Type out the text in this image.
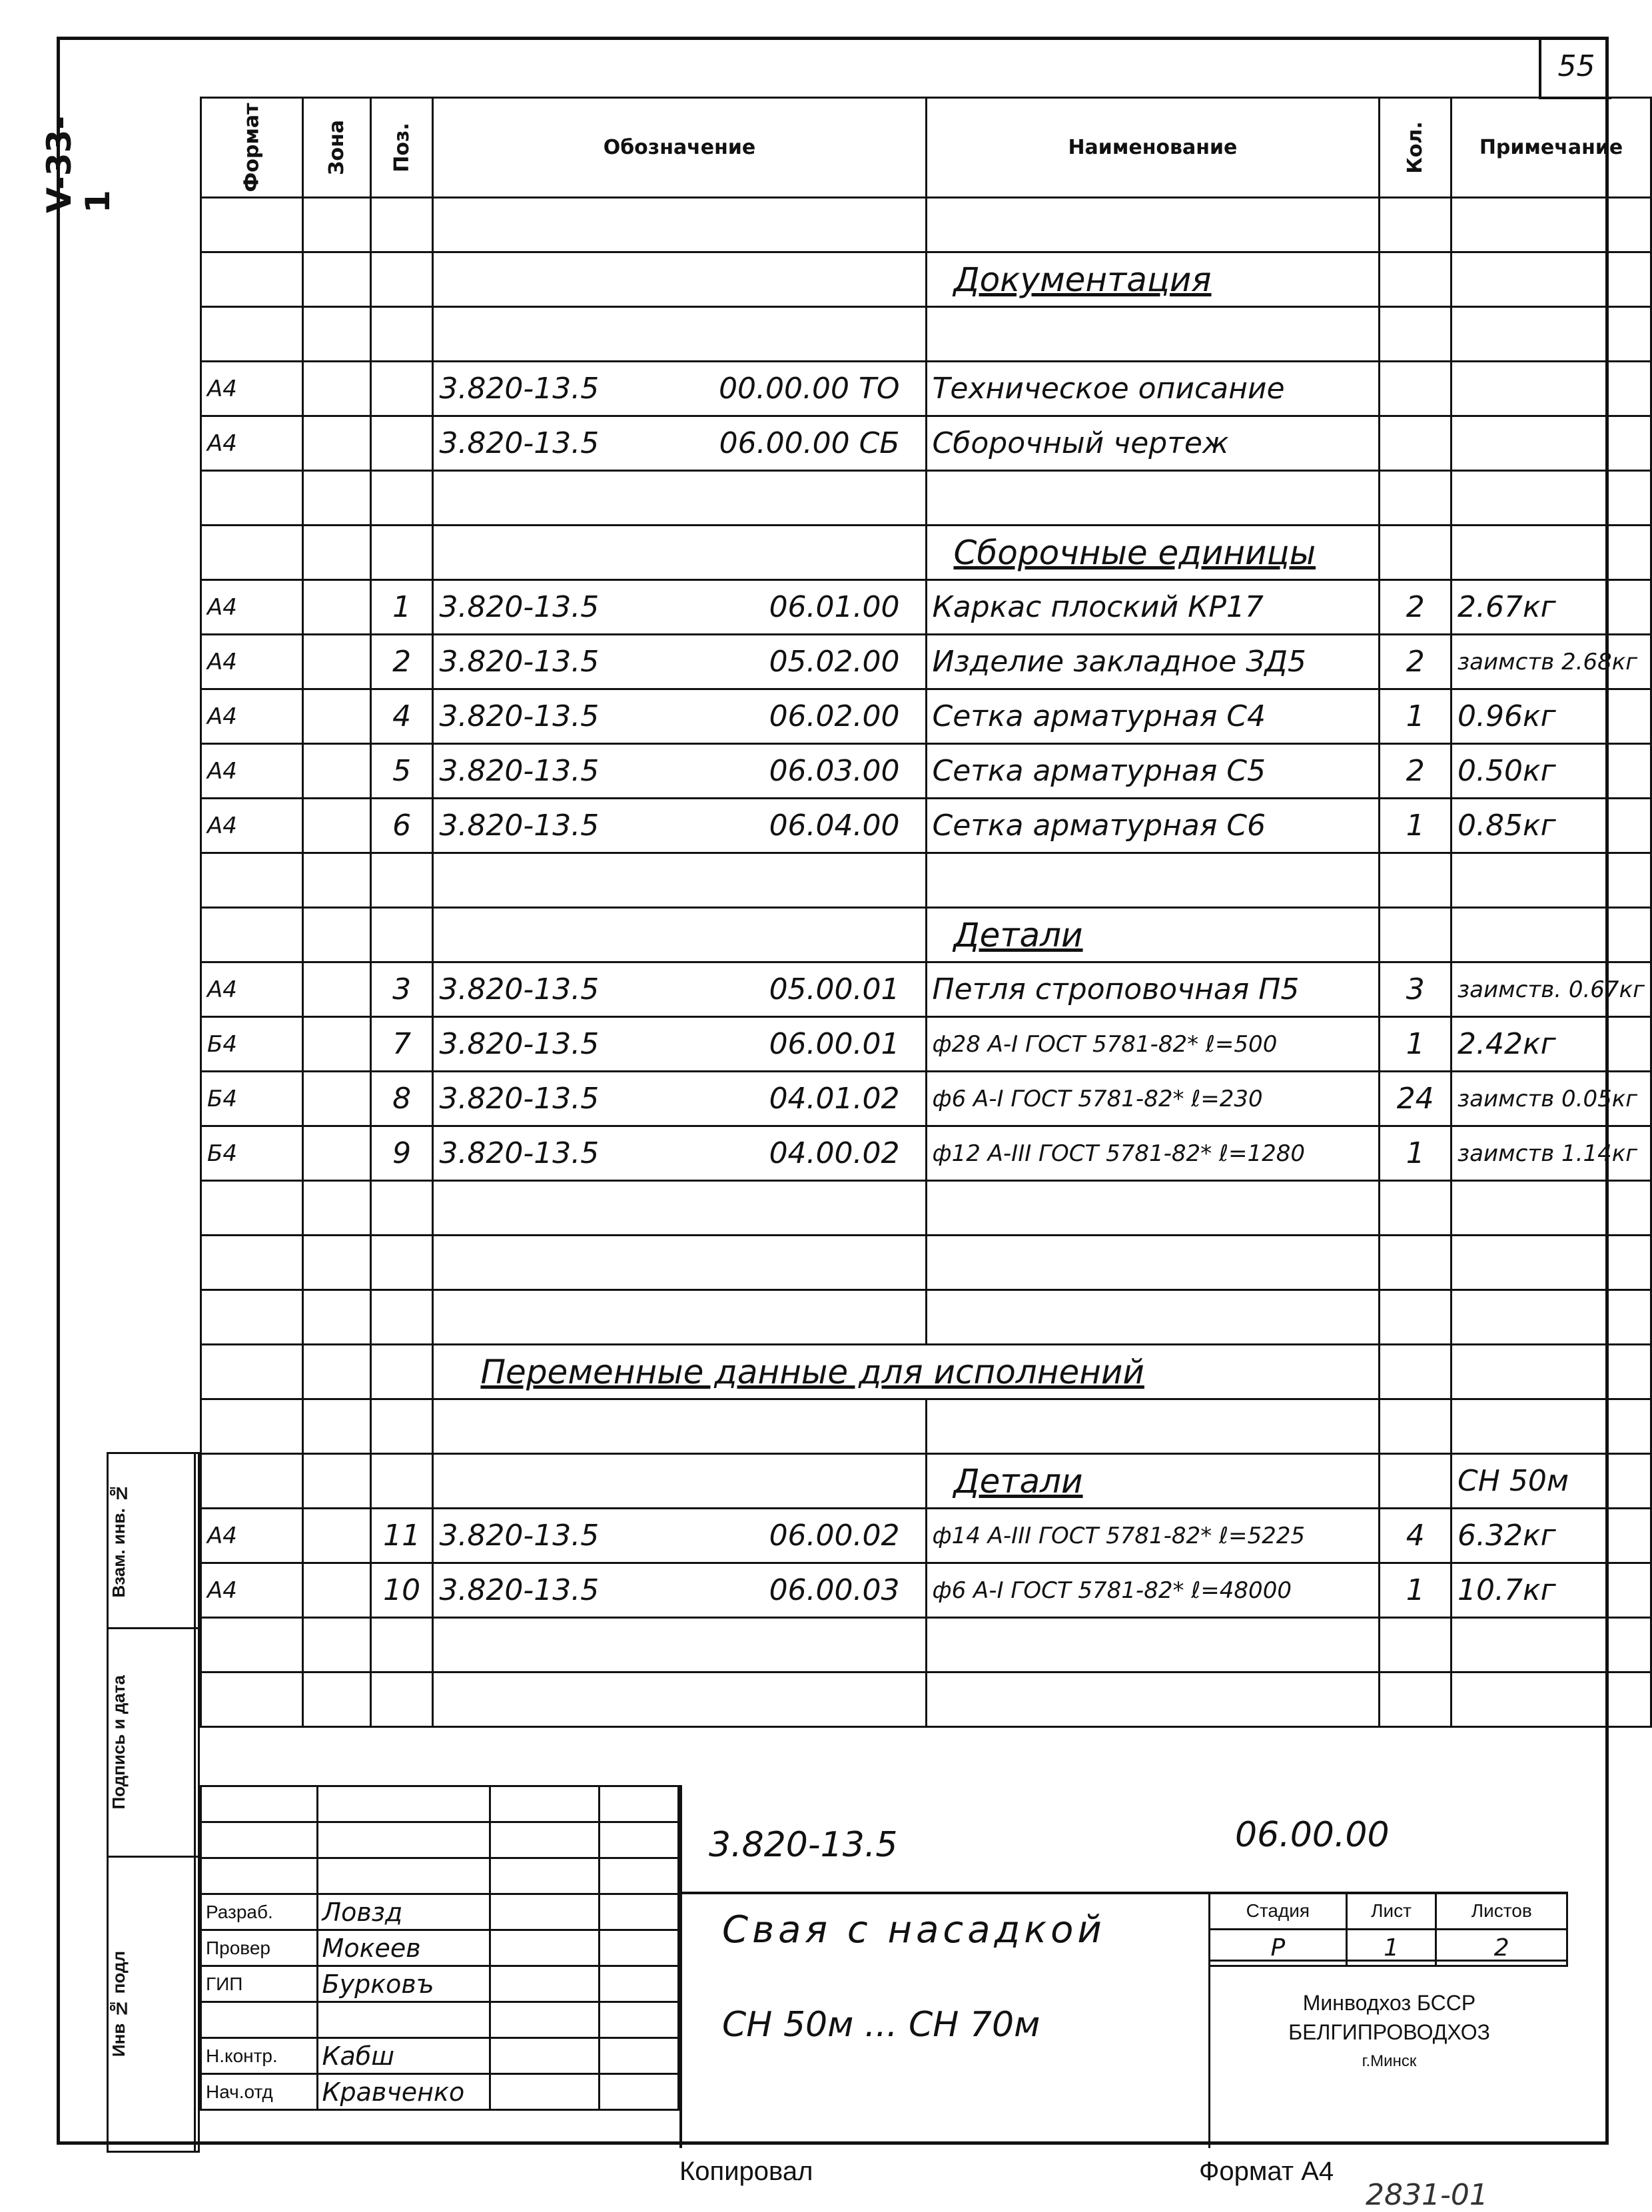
55
V-33-1
Формат	Зона	Поз.	Обозначение	Наименование	Кол.	Примечание

				Документация		

А4			3.820-13.5 00.00.00 ТО	Техническое описание		
А4			3.820-13.5 06.00.00 СБ	Сборочный чертеж		

				Сборочные единицы		
А4		1	3.820-13.5 06.01.00	Каркас плоский КР17	2	2.67кг
А4		2	3.820-13.5 05.02.00	Изделие закладное ЗД5	2	заимств 2.68кг
А4		4	3.820-13.5 06.02.00	Сетка арматурная С4	1	0.96кг
А4		5	3.820-13.5 06.03.00	Сетка арматурная С5	2	0.50кг
А4		6	3.820-13.5 06.04.00	Сетка арматурная С6	1	0.85кг

				Детали		
А4		3	3.820-13.5 05.00.01	Петля строповочная П5	3	заимств. 0.67кг
Б4		7	3.820-13.5 06.00.01	ф28 А-I ГОСТ 5781-82* ℓ=500	1	2.42кг
Б4		8	3.820-13.5 04.01.02	ф6 А-I ГОСТ 5781-82* ℓ=230	24	заимств 0.05кг
Б4		9	3.820-13.5 04.00.02	ф12 А-III ГОСТ 5781-82* ℓ=1280	1	заимств 1.14кг

			Переменные данные для исполнений			

				Детали		СН 50м
А4		11	3.820-13.5 06.00.02	ф14 А-III ГОСТ 5781-82* ℓ=5225	4	6.32кг
А4		10	3.820-13.5 06.00.03	ф6 А-I ГОСТ 5781-82* ℓ=48000	1	10.7кг

Взам. инв. №	

Подпись и дата	

Инв № подл	

Разраб.	Ловзд		
Провер	Мокеев		
ГИП	Бурковъ		

Н.контр.	Кабш		
Нач.отд	Кравченко		
3.820-13.5	06.00.00
Свая с насадкой
СН 50м ... СН 70м
Стадия	Лист	Листов
Р	1	2
Минводхоз БССР
БЕЛГИПРОВОДХОЗ
г.Минск
Копировал	Формат А4
2831-01
